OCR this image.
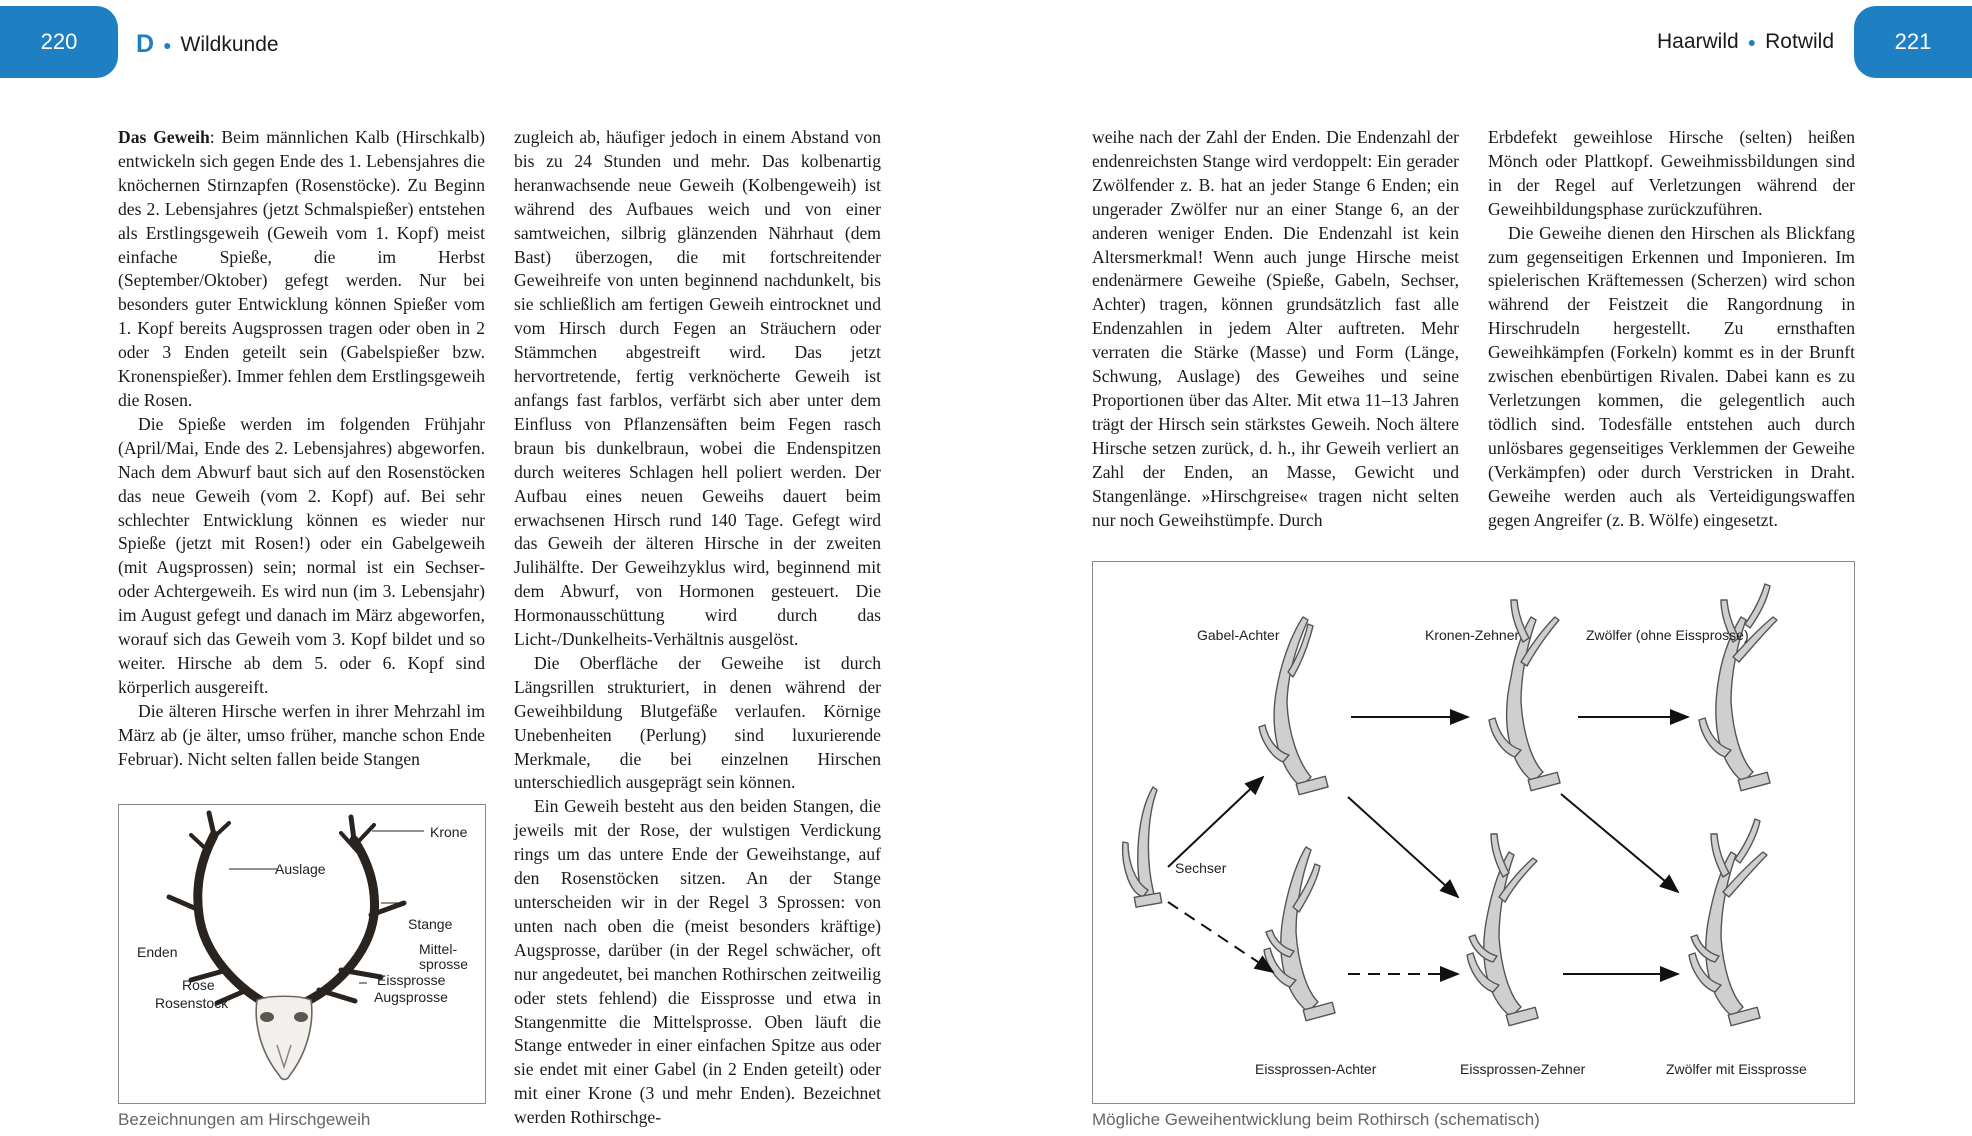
220 D ● Wildkunde	Haarwild ● Rotwild	221

Das Geweih: Beim männlichen Kalb (Hirschkalb) entwickeln sich gegen Ende des 1. Lebensjahres die knöchernen Stirnzapfen (Rosenstöcke). Zu Beginn des 2. Lebensjahres (jetzt Schmalspießer) entstehen als Erstlingsgeweih (Geweih vom 1. Kopf) meist einfache Spieße, die im Herbst (September/Oktober) gefegt werden. Nur bei besonders guter Entwicklung können Spießer vom 1. Kopf bereits Augsprossen tragen oder oben in 2 oder 3 Enden geteilt sein (Gabelspießer bzw. Kronenspießer). Immer fehlen dem Erstlingsgeweih die Rosen.

Die Spieße werden im folgenden Frühjahr (April/Mai, Ende des 2. Lebensjahres) abgeworfen. Nach dem Abwurf baut sich auf den Rosenstöcken das neue Geweih (vom 2. Kopf) auf. Bei sehr schlechter Entwicklung können es wieder nur Spieße (jetzt mit Rosen!) oder ein Gabelgeweih (mit Augsprossen) sein; normal ist ein Sechser- oder Achtergeweih. Es wird nun (im 3. Lebensjahr) im August gefegt und danach im März abgeworfen, worauf sich das Geweih vom 3. Kopf bildet und so weiter. Hirsche ab dem 5. oder 6. Kopf sind körperlich ausgereift.

Die älteren Hirsche werfen in ihrer Mehrzahl im März ab (je älter, umso früher, manche schon Ende Februar). Nicht selten fallen beide Stangen

zugleich ab, häufiger jedoch in einem Abstand von bis zu 24 Stunden und mehr. Das kolbenartig heranwachsende neue Geweih (Kolbengeweih) ist während des Aufbaues weich und von einer samtweichen, silbrig glänzenden Nährhaut (dem Bast) überzogen, die mit fortschreitender Geweihreife von unten beginnend nachdunkelt, bis sie schließlich am fertigen Geweih eintrocknet und vom Hirsch durch Fegen an Sträuchern oder Stämmchen abgestreift wird. Das jetzt hervortretende, fertig verknöcherte Geweih ist anfangs fast farblos, verfärbt sich aber unter dem Einfluss von Pflanzensäften beim Fegen rasch braun bis dunkelbraun, wobei die Endenspitzen durch weiteres Schlagen hell poliert werden. Der Aufbau eines neuen Geweihs dauert beim erwachsenen Hirsch rund 140 Tage. Gefegt wird das Geweih der älteren Hirsche in der zweiten Julihälfte. Der Geweihzyklus wird, beginnend mit dem Abwurf, von Hormonen gesteuert. Die Hormonausschüttung wird durch das Licht-/Dunkelheits-Verhältnis ausgelöst.

Die Oberfläche der Geweihe ist durch Längsrillen strukturiert, in denen während der Geweihbildung Blutgefäße verlaufen. Körnige Unebenheiten (Perlung) sind luxurierende Merkmale, die bei einzelnen Hirschen unterschiedlich ausgeprägt sein können.

Ein Geweih besteht aus den beiden Stangen, die jeweils mit der Rose, der wulstigen Verdickung rings um das untere Ende der Geweihstange, auf den Rosenstöcken sitzen. An der Stange unterscheiden wir in der Regel 3 Sprossen: von unten nach oben die (meist besonders kräftige) Augsprosse, darüber (in der Regel schwächer, oft nur angedeutet, bei manchen Rothirschen zeitweilig oder stets fehlend) die Eissprosse und etwa in Stangenmitte die Mittelsprosse. Oben läuft die Stange entweder in einer einfachen Spitze aus oder sie endet mit einer Gabel (in 2 Enden geteilt) oder mit einer Krone (3 und mehr Enden). Bezeichnet werden Rothirschge-

weihe nach der Zahl der Enden. Die Endenzahl der endenreichsten Stange wird verdoppelt: Ein gerader Zwölfender z. B. hat an jeder Stange 6 Enden; ein ungerader Zwölfer nur an einer Stange 6, an der anderen weniger Enden. Die Endenzahl ist kein Altersmerkmal! Wenn auch junge Hirsche meist endenärmere Geweihe (Spieße, Gabeln, Sechser, Achter) tragen, können grundsätzlich fast alle Endenzahlen in jedem Alter auftreten. Mehr verraten die Stärke (Masse) und Form (Länge, Schwung, Auslage) des Geweihes und seine Proportionen über das Alter. Mit etwa 11–13 Jahren trägt der Hirsch sein stärkstes Geweih. Noch ältere Hirsche setzen zurück, d. h., ihr Geweih verliert an Zahl der Enden, an Masse, Gewicht und Stangenlänge. »Hirschgreise« tragen nicht selten nur noch Geweihstümpfe. Durch

Erbdefekt geweihlose Hirsche (selten) heißen Mönch oder Plattkopf. Geweihmissbildungen sind in der Regel auf Verletzungen während der Geweihbildungsphase zurückzuführen.

Die Geweihe dienen den Hirschen als Blickfang zum gegenseitigen Erkennen und Imponieren. Im spielerischen Kräftemessen (Scherzen) wird schon während der Feistzeit die Rangordnung in Hirschrudeln hergestellt. Zu ernsthaften Geweihkämpfen (Forkeln) kommt es in der Brunft zwischen ebenbürtigen Rivalen. Dabei kann es zu Verletzungen kommen, die gelegentlich auch tödlich sind. Todesfälle entstehen auch durch unlösbares gegenseitiges Verklemmen der Geweihe (Verkämpfen) oder durch Verstricken in Draht. Geweihe werden auch als Verteidigungswaffen gegen Angreifer (z. B. Wölfe) eingesetzt.

Krone
Auslage
Stange
Enden	Mittel-
sprosse
Eissprosse
Rose
Augsprosse
Rosenstock
Bezeichnungen am Hirschgeweih
Gabel-Achter	Kronen-Zehner	Zwölfer (ohne Eissprosse)
Sechser
Eissprossen-Achter	Eissprossen-Zehner	Zwölfer mit Eissprosse
Mögliche Geweihentwicklung beim Rothirsch (schematisch)
